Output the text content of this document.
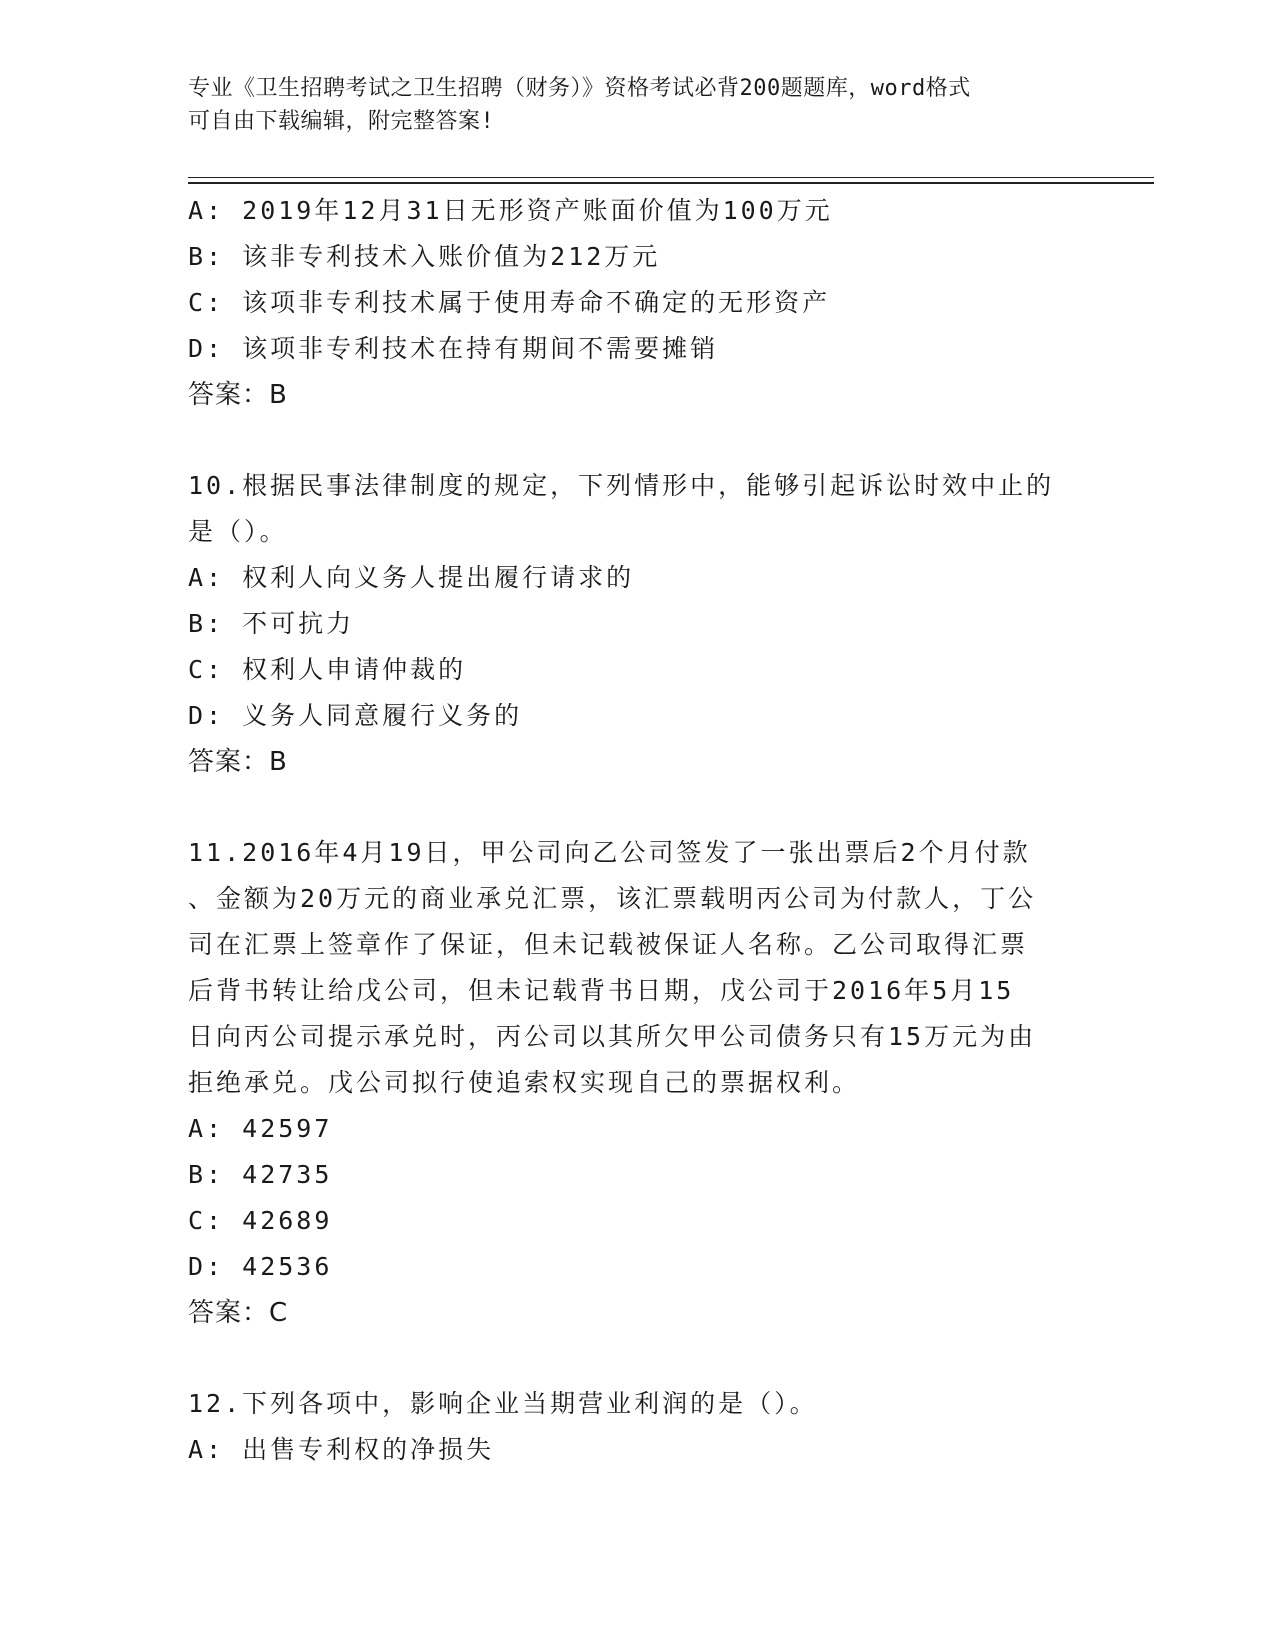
专业《卫生招聘考试之卫生招聘（财务）》资格考试必背200题题库，word格式
可自由下载编辑，附完整答案!
A: 2019年12月31日无形资产账面价值为100万元
B: 该非专利技术入账价值为212万元
C: 该项非专利技术属于使用寿命不确定的无形资产
D: 该项非专利技术在持有期间不需要摊销
答案：B
10.根据民事法律制度的规定，下列情形中，能够引起诉讼时效中止的
是（）。
A: 权利人向义务人提出履行请求的
B: 不可抗力
C: 权利人申请仲裁的
D: 义务人同意履行义务的
答案：B
11.2016年4月19日，甲公司向乙公司签发了一张出票后2个月付款
、金额为20万元的商业承兑汇票，该汇票载明丙公司为付款人，丁公
司在汇票上签章作了保证，但未记载被保证人名称。乙公司取得汇票
后背书转让给戊公司，但未记载背书日期，戊公司于2016年5月15
日向丙公司提示承兑时，丙公司以其所欠甲公司债务只有15万元为由
拒绝承兑。戊公司拟行使追索权实现自己的票据权利。
A: 42597
B: 42735
C: 42689
D: 42536
答案：C
12.下列各项中，影响企业当期营业利润的是（）。
A: 出售专利权的净损失
